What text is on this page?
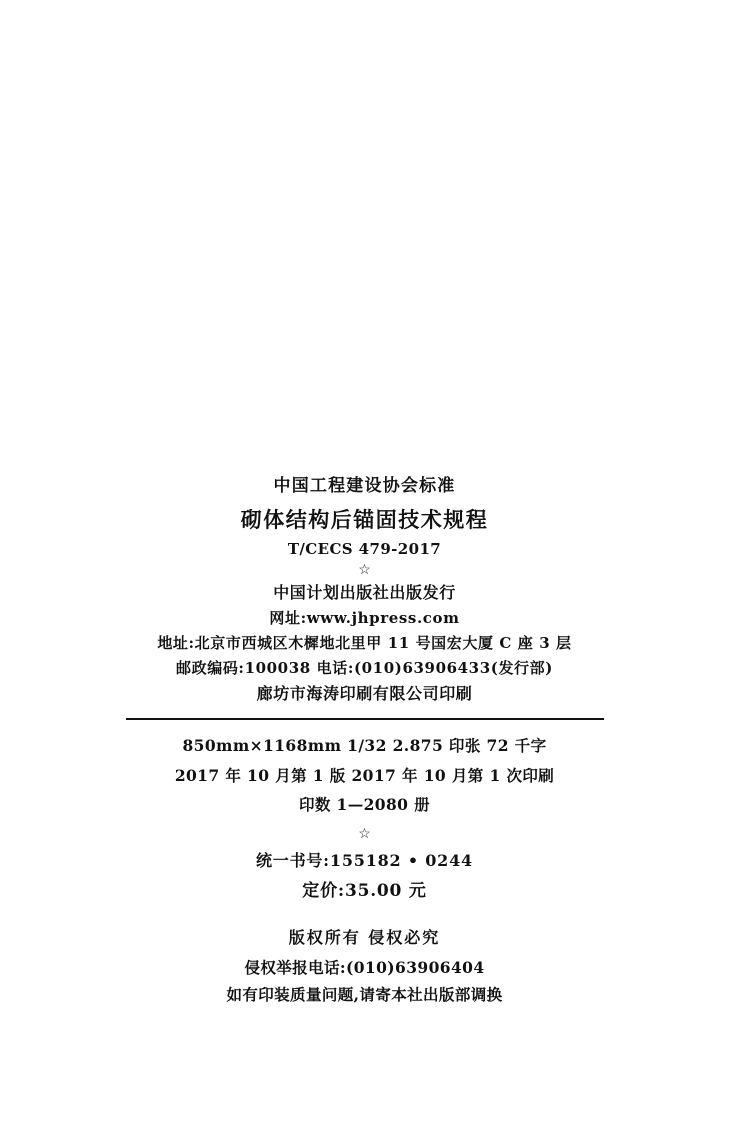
中国工程建设协会标准
砌体结构后锚固技术规程
T/CECS 479-2017
☆
中国计划出版社出版发行
网址:www.jhpress.com
地址:北京市西城区木樨地北里甲 11 号国宏大厦 C 座 3 层
邮政编码:100038 电话:(010)63906433(发行部)
廊坊市海涛印刷有限公司印刷
850mm×1168mm 1/32 2.875 印张 72 千字
2017 年 10 月第 1 版 2017 年 10 月第 1 次印刷
印数 1—2080 册
☆
统一书号:155182 • 0244
定价:35.00 元
版权所有 侵权必究
侵权举报电话:(010)63906404
如有印装质量问题,请寄本社出版部调换
